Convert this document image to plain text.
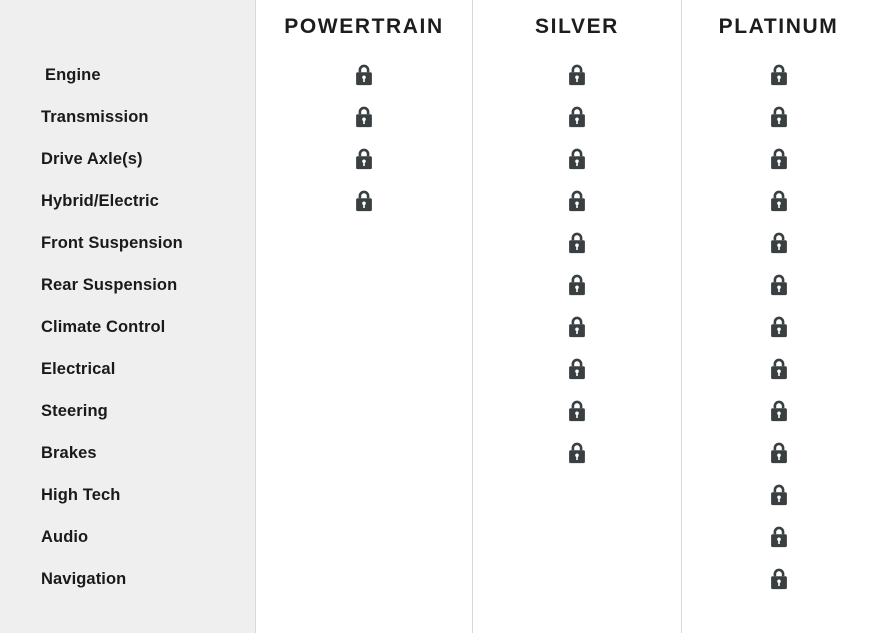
Engine
Transmission
Drive Axle(s)
Hybrid/Electric
Front Suspension
Rear Suspension
Climate Control
Electrical
Steering
Brakes
High Tech
Audio
Navigation
POWERTRAIN	SILVER	PLATINUM
